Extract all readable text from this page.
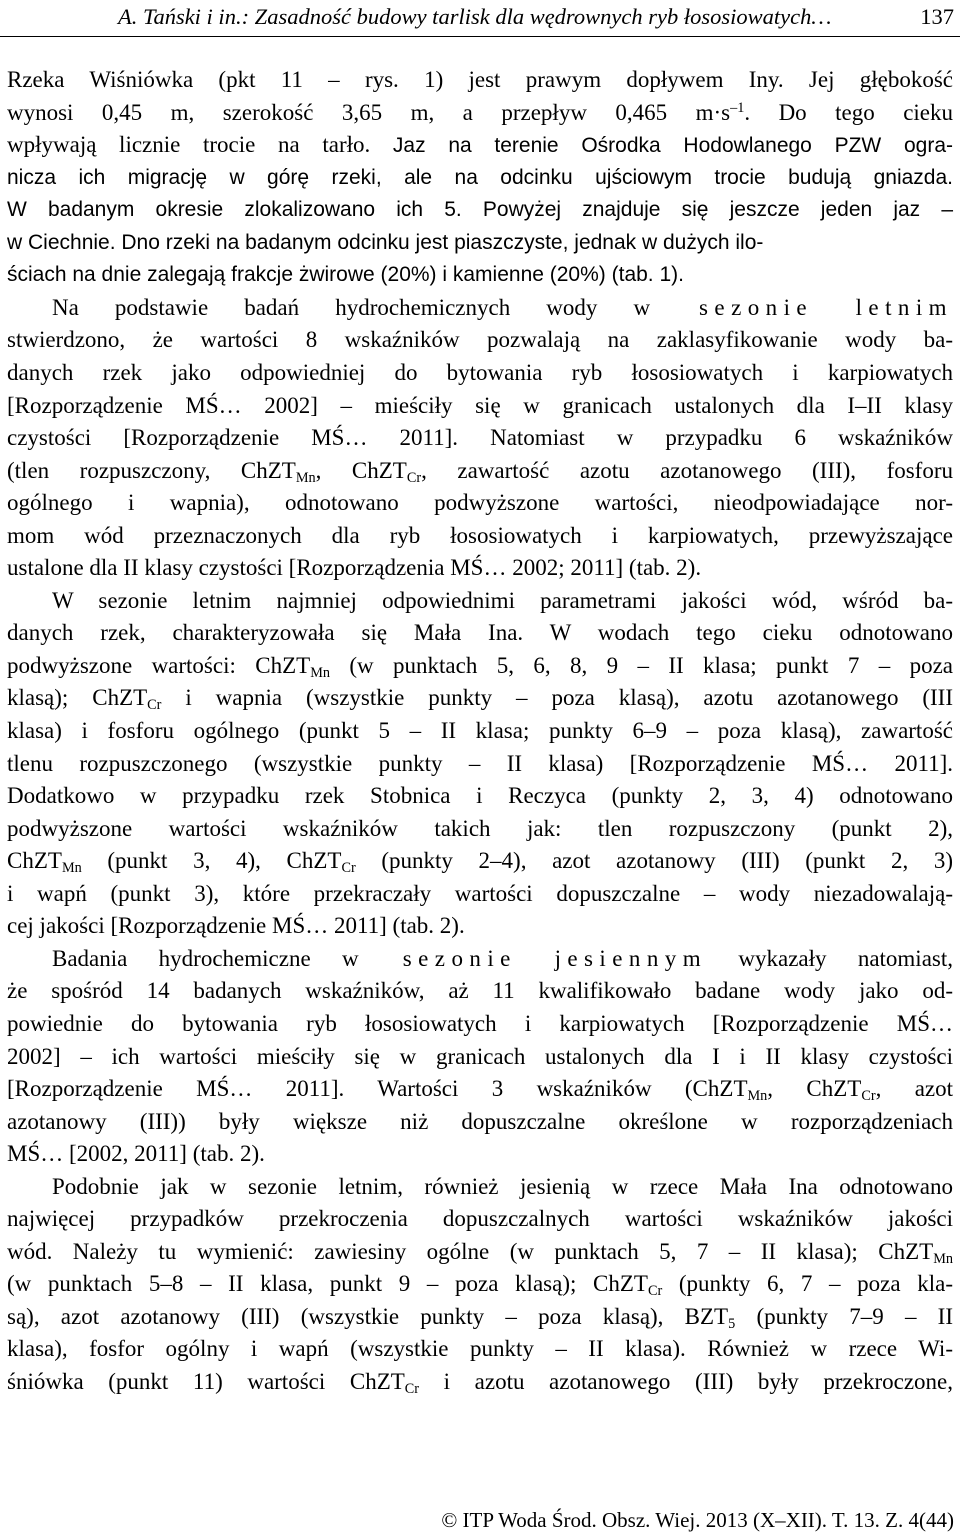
A. Tański i in.: Zasadność budowy tarlisk dla wędrownych ryb łososiowatych…	137
Rzeka Wiśniówka (pkt 11 – rys. 1) jest prawym dopływem Iny. Jej głębokość
wynosi 0,45 m, szerokość 3,65 m, a przepływ 0,465 $m\cdot s^{-1}$. Do tego cieku
wpływają licznie trocie na tarło. Jaz na terenie Ośrodka Hodowlanego PZW ogra-
nicza ich migrację w górę rzeki, ale na odcinku ujściowym trocie budują gniazda.
W badanym okresie zlokalizowano ich 5. Powyżej znajduje się jeszcze jeden jaz –
w Ciechnie. Dno rzeki na badanym odcinku jest piaszczyste, jednak w dużych ilo-
ściach na dnie zalegają frakcje żwirowe (20%) i kamienne (20%) (tab. 1).
Na podstawie badań hydrochemicznych wody w sezonie letnim
stwierdzono, że wartości 8 wskaźników pozwalają na zaklasyfikowanie wody ba-
danych rzek jako odpowiedniej do bytowania ryb łososiowatych i karpiowatych
[Rozporządzenie MŚ… 2002] – mieściły się w granicach ustalonych dla I–II klasy
czystości [Rozporządzenie MŚ… 2011]. Natomiast w przypadku 6 wskaźników
(tlen rozpuszczony, ChZT$_{Mn}$, ChZT$_{Cr}$, zawartość azotu azotanowego (III), fosforu
ogólnego i wapnia), odnotowano podwyższone wartości, nieodpowiadające nor-
mom wód przeznaczonych dla ryb łososiowatych i karpiowatych, przewyższające
ustalone dla II klasy czystości [Rozporządzenia MŚ… 2002; 2011] (tab. 2).
W sezonie letnim najmniej odpowiednimi parametrami jakości wód, wśród ba-
danych rzek, charakteryzowała się Mała Ina. W wodach tego cieku odnotowano
podwyższone wartości: ChZT$_{Mn}$ (w punktach 5, 6, 8, 9 – II klasa; punkt 7 – poza
klasą); ChZT$_{Cr}$ i wapnia (wszystkie punkty – poza klasą), azotu azotanowego (III
klasa) i fosforu ogólnego (punkt 5 – II klasa; punkty 6–9 – poza klasą), zawartość
tlenu rozpuszczonego (wszystkie punkty – II klasa) [Rozporządzenie MŚ… 2011].
Dodatkowo w przypadku rzek Stobnica i Reczyca (punkty 2, 3, 4) odnotowano
podwyższone wartości wskaźników takich jak: tlen rozpuszczony (punkt 2),
ChZT$_{Mn}$ (punkt 3, 4), ChZT$_{Cr}$ (punkty 2–4), azot azotanowy (III) (punkt 2, 3)
i wapń (punkt 3), które przekraczały wartości dopuszczalne – wody niezadowalają-
cej jakości [Rozporządzenie MŚ… 2011] (tab. 2).
Badania hydrochemiczne w sezonie jesiennym wykazały natomiast,
że spośród 14 badanych wskaźników, aż 11 kwalifikowało badane wody jako od-
powiednie do bytowania ryb łososiowatych i karpiowatych [Rozporządzenie MŚ…
2002] – ich wartości mieściły się w granicach ustalonych dla I i II klasy czystości
[Rozporządzenie MŚ… 2011]. Wartości 3 wskaźników (ChZT$_{Mn}$, ChZT$_{Cr}$, azot
azotanowy (III)) były większe niż dopuszczalne określone w rozporządzeniach
MŚ… [2002, 2011] (tab. 2).
Podobnie jak w sezonie letnim, również jesienią w rzece Mała Ina odnotowano
najwięcej przypadków przekroczenia dopuszczalnych wartości wskaźników jakości
wód. Należy tu wymienić: zawiesiny ogólne (w punktach 5, 7 – II klasa); ChZT$_{Mn}$
(w punktach 5–8 – II klasa, punkt 9 – poza klasą); ChZT$_{Cr}$ (punkty 6, 7 – poza kla-
są), azot azotanowy (III) (wszystkie punkty – poza klasą), $BZT_5$ (punkty 7–9 – II
klasa), fosfor ogólny i wapń (wszystkie punkty – II klasa). Również w rzece Wi-
śniówka (punkt 11) wartości ChZT$_{Cr}$ i azotu azotanowego (III) były przekroczone,
© ITP Woda Środ. Obsz. Wiej. 2013 (X–XII). T. 13. Z. 4(44)
